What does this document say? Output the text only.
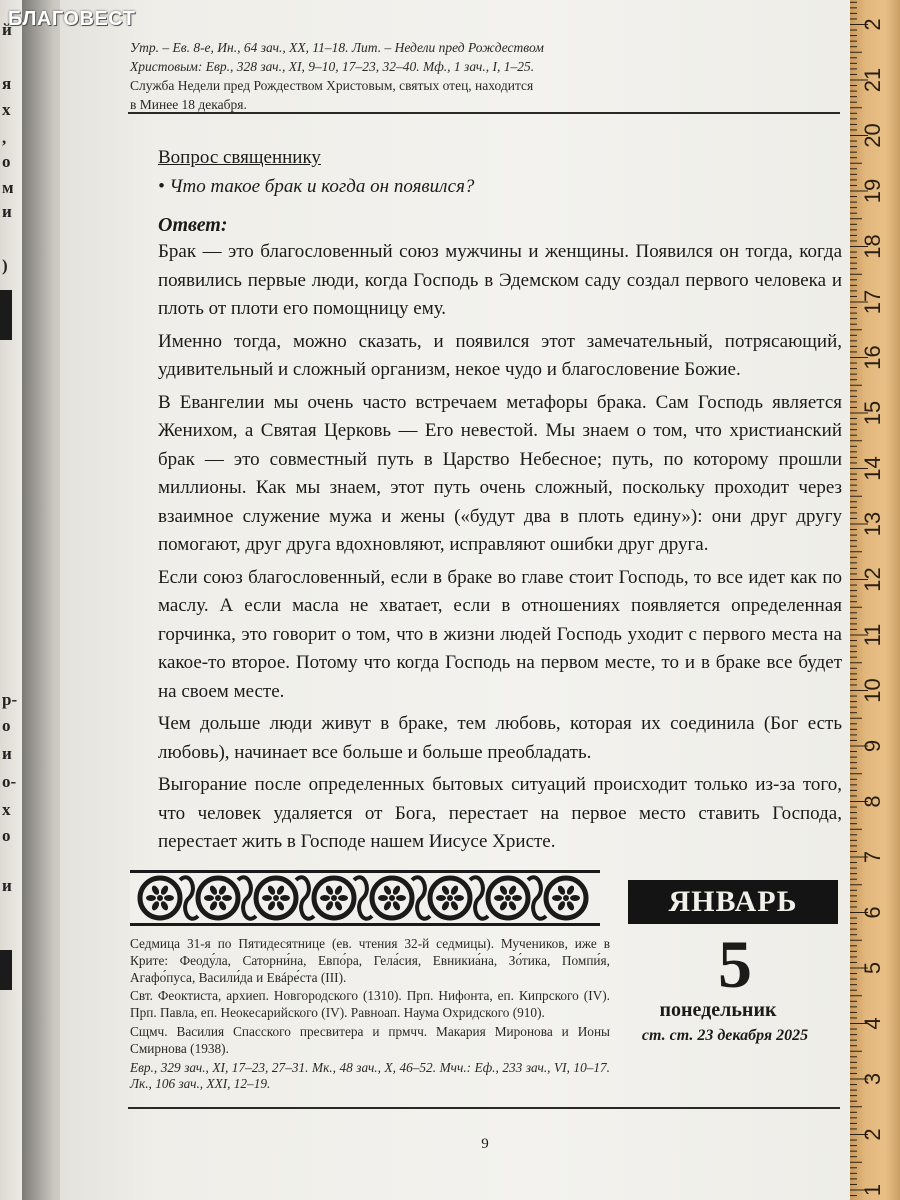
й
я
х
,
о
м
и
)
р-
о
и
о-
х
о
и
БЛАГОВЕСТ
Утр. – Ев. 8-е, Ин., 64 зач., XX, 11–18. Лит. – Недели пред Рождеством
Христовым: Евр., 328 зач., XI, 9–10, 17–23, 32–40. Мф., 1 зач., I, 1–25.
Служба Недели пред Рождеством Христовым, святых отец, находится
в Минее 18 декабря.
Вопрос священнику
• Что такое брак и когда он появился?
Ответ:

Брак — это благословенный союз мужчины и женщины. Появился он тогда, когда появились первые люди, когда Господь в Эдемском саду создал первого человека и плоть от плоти его помощницу ему.

Именно тогда, можно сказать, и появился этот замечательный, потрясающий, удивительный и сложный организм, некое чудо и благословение Божие.

В Евангелии мы очень часто встречаем метафоры брака. Сам Господь является Женихом, а Святая Церковь — Его невестой. Мы знаем о том, что христианский брак — это совместный путь в Царство Небесное; путь, по которому прошли миллионы. Как мы знаем, этот путь очень сложный, поскольку проходит через взаимное служение мужа и жены («будут два в плоть едину»): они друг другу помогают, друг друга вдохновляют, исправляют ошибки друг друга.

Если союз благословенный, если в браке во главе стоит Господь, то все идет как по маслу. А если масла не хватает, если в отношениях появляется определенная горчинка, это говорит о том, что в жизни людей Господь уходит с первого места на какое-то второе. Потому что когда Господь на первом месте, то и в браке все будет на своем месте.

Чем дольше люди живут в браке, тем любовь, которая их соединила (Бог есть любовь), начинает все больше и больше преобладать.

Выгорание после определенных бытовых ситуаций происходит только из-за того, что человек удаляется от Бога, перестает на первое место ставить Господа, перестает жить в Господе нашем Иисусе Христе.

ЯНВАРЬ
5
понедельник
ст. ст. 23 декабря 2025

Седмица 31-я по Пятидесятнице (ев. чтения 32-й седмицы). Мучеников, иже в Крите: Феоду́ла, Саторни́на, Евпо́ра, Гела́сия, Евникиа́на, Зо́тика, Помпи́я, Агафо́пуса, Васили́да и Евáре́ста (III).

Свт. Феоктиста, архиеп. Новгородского (1310). Прп. Нифонта, еп. Кипрского (IV). Прп. Павла, еп. Неокесарийского (IV). Равноап. Наума Охридского (910).

Сщмч. Василия Спасского пресвитера и прмчч. Макария Миронова и Ионы Смирнова (1938).

Евр., 329 зач., XI, 17–23, 27–31. Мк., 48 зач., X, 46–52. Мчч.: Еф., 233 зач., VI, 10–17. Лк., 106 зач., XXI, 12–19.

9
1
2
3
4
5
6
7
8
9
10
11
12
13
14
15
16
17
18
19
20
21
2
